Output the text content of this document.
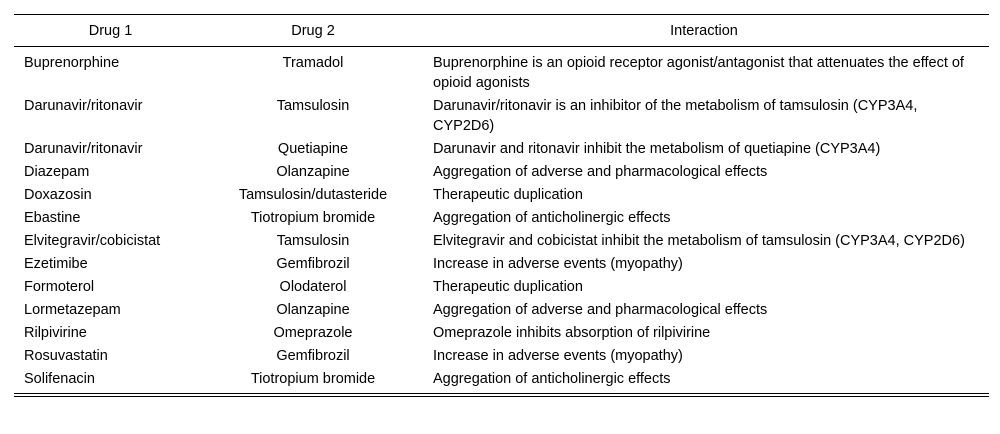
Drug 1	Drug 2	Interaction
Buprenorphine	Tramadol	Buprenorphine is an opioid receptor agonist/antagonist that attenuates the effect of opioid agonists
Darunavir/ritonavir	Tamsulosin	Darunavir/ritonavir is an inhibitor of the metabolism of tamsulosin (CYP3A4, CYP2D6)
Darunavir/ritonavir	Quetiapine	Darunavir and ritonavir inhibit the metabolism of quetiapine (CYP3A4)
Diazepam	Olanzapine	Aggregation of adverse and pharmacological effects
Doxazosin	Tamsulosin/dutasteride	Therapeutic duplication
Ebastine	Tiotropium bromide	Aggregation of anticholinergic effects
Elvitegravir/cobicistat	Tamsulosin	Elvitegravir and cobicistat inhibit the metabolism of tamsulosin (CYP3A4, CYP2D6)
Ezetimibe	Gemfibrozil	Increase in adverse events (myopathy)
Formoterol	Olodaterol	Therapeutic duplication
Lormetazepam	Olanzapine	Aggregation of adverse and pharmacological effects
Rilpivirine	Omeprazole	Omeprazole inhibits absorption of rilpivirine
Rosuvastatin	Gemfibrozil	Increase in adverse events (myopathy)
Solifenacin	Tiotropium bromide	Aggregation of anticholinergic effects
